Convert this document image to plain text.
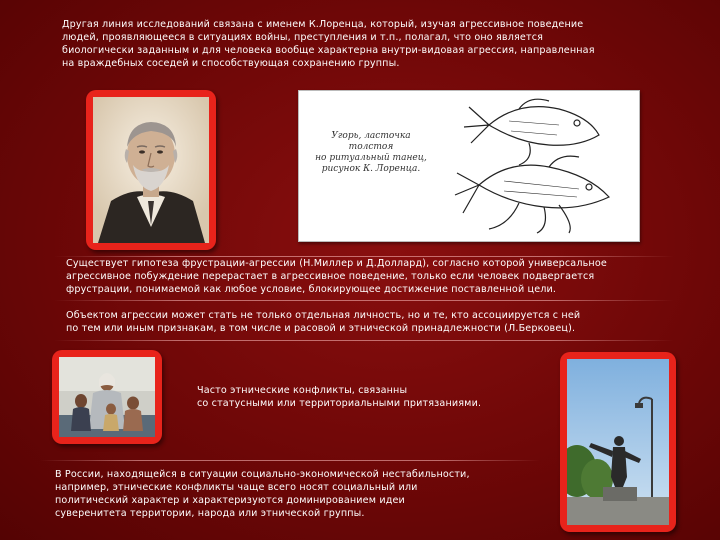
Другая линия исследований связана с именем К.Лоренца, который, изучая агрессивное поведение
людей, проявляющееся в ситуациях войны, преступления и т.п., полагал, что оно является
биологически заданным и для человека вообще характерна внутри-видовая агрессия, направленная
на враждебных соседей и способствующая сохранению группы.
Угорь, ласточка толстоя
но ритуальный танец,
рисунок К. Лоренца.
Существует гипотеза фрустрации-агрессии (Н.Миллер и Д.Доллард), согласно которой универсальное
агрессивное побуждение перерастает в агрессивное поведение, только если человек подвергается
фрустрации, понимаемой как любое условие, блокирующее достижение поставленной цели.
Объектом агрессии может стать не только отдельная личность, но и те, кто ассоциируется с ней
по тем или иным признакам, в том числе и расовой и этнической принадлежности (Л.Берковец).
Часто этнические конфликты, связанны
со статусными или территориальными притязаниями.
В России, находящейся в ситуации социально-экономической нестабильности,
например, этнические конфликты чаще всего носят социальный или
политический характер и характеризуются доминированием идеи
суверенитета территории, народа или этнической группы.
